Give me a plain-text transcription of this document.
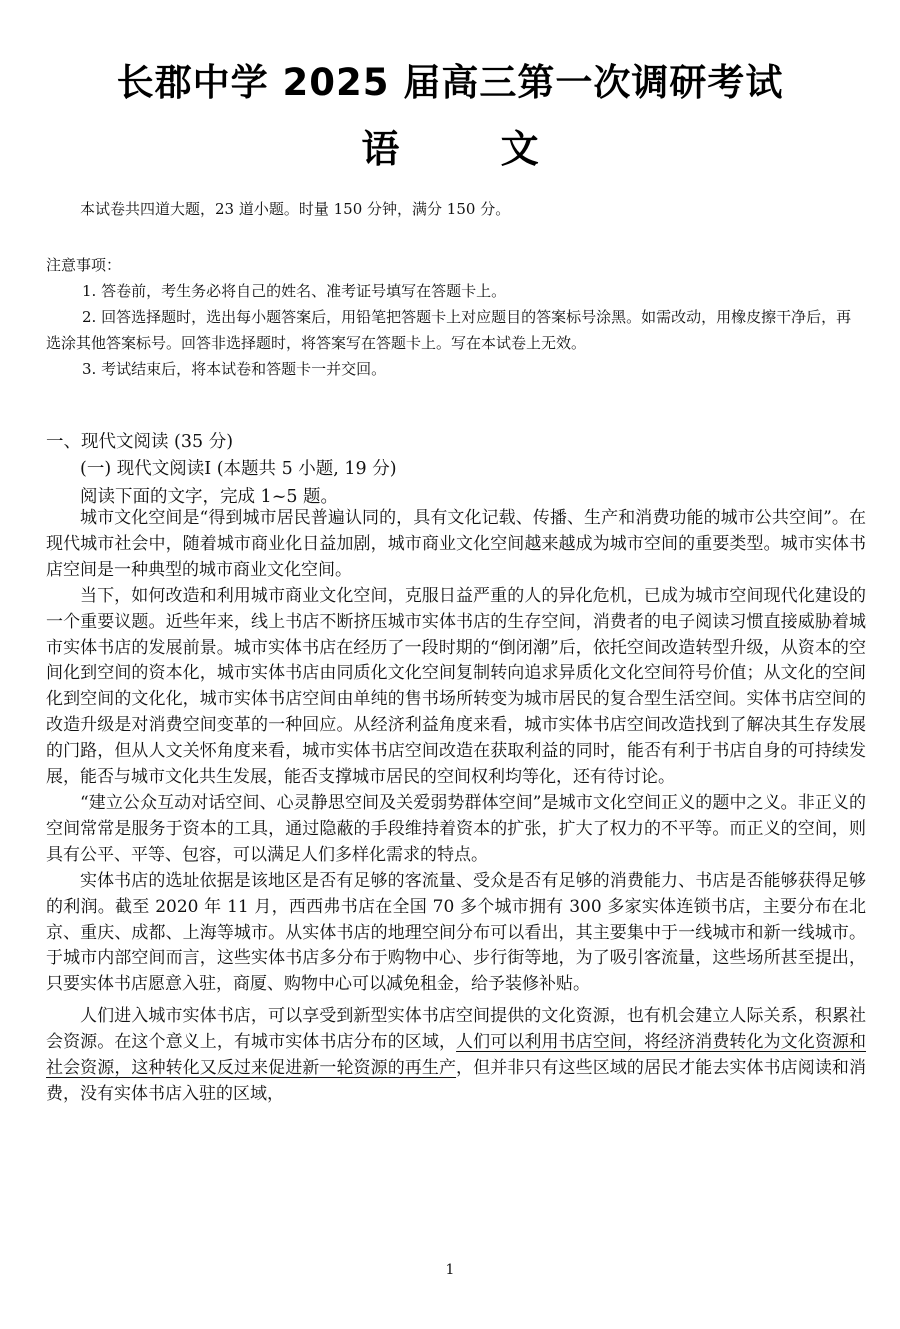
长郡中学 2025 届高三第一次调研考试
语 文
本试卷共四道大题，23 道小题。时量 150 分钟，满分 150 分。

注意事项：

1. 答卷前，考生务必将自己的姓名、准考证号填写在答题卡上。

2. 回答选择题时，选出每小题答案后，用铅笔把答题卡上对应题目的答案标号涂黑。如需改动，用橡皮擦干净后，再选涂其他答案标号。回答非选择题时，将答案写在答题卡上。写在本试卷上无效。

3. 考试结束后，将本试卷和答题卡一并交回。

一、现代文阅读 (35 分)
(一) 现代文阅读I (本题共 5 小题, 19 分)
阅读下面的文字，完成 1~5 题。

城市文化空间是“得到城市居民普遍认同的，具有文化记载、传播、生产和消费功能的城市公共空间”。在现代城市社会中，随着城市商业化日益加剧，城市商业文化空间越来越成为城市空间的重要类型。城市实体书店空间是一种典型的城市商业文化空间。

当下，如何改造和利用城市商业文化空间，克服日益严重的人的异化危机，已成为城市空间现代化建设的一个重要议题。近些年来，线上书店不断挤压城市实体书店的生存空间，消费者的电子阅读习惯直接威胁着城市实体书店的发展前景。城市实体书店在经历了一段时期的“倒闭潮”后，依托空间改造转型升级，从资本的空间化到空间的资本化，城市实体书店由同质化文化空间复制转向追求异质化文化空间符号价值；从文化的空间化到空间的文化化，城市实体书店空间由单纯的售书场所转变为城市居民的复合型生活空间。实体书店空间的改造升级是对消费空间变革的一种回应。从经济利益角度来看，城市实体书店空间改造找到了解决其生存发展的门路，但从人文关怀角度来看，城市实体书店空间改造在获取利益的同时，能否有利于书店自身的可持续发展，能否与城市文化共生发展，能否支撑城市居民的空间权利均等化，还有待讨论。

“建立公众互动对话空间、心灵静思空间及关爱弱势群体空间”是城市文化空间正义的题中之义。非正义的空间常常是服务于资本的工具，通过隐蔽的手段维持着资本的扩张，扩大了权力的不平等。而正义的空间，则具有公平、平等、包容，可以满足人们多样化需求的特点。

实体书店的选址依据是该地区是否有足够的客流量、受众是否有足够的消费能力、书店是否能够获得足够的利润。截至 2020 年 11 月，西西弗书店在全国 70 多个城市拥有 300 多家实体连锁书店，主要分布在北京、重庆、成都、上海等城市。从实体书店的地理空间分布可以看出，其主要集中于一线城市和新一线城市。于城市内部空间而言，这些实体书店多分布于购物中心、步行街等地，为了吸引客流量，这些场所甚至提出，只要实体书店愿意入驻，商厦、购物中心可以减免租金，给予装修补贴。

人们进入城市实体书店，可以享受到新型实体书店空间提供的文化资源，也有机会建立人际关系，积累社会资源。在这个意义上，有城市实体书店分布的区域，人们可以利用书店空间，将经济消费转化为文化资源和社会资源，这种转化又反过来促进新一轮资源的再生产，但并非只有这些区域的居民才能去实体书店阅读和消费，没有实体书店入驻的区域，

1
